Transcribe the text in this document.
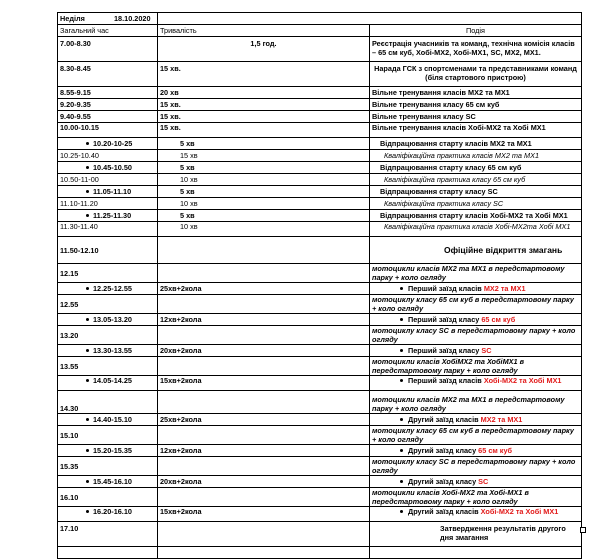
Неділя	18.10.2020	
Загальний час	Тривалість	Подія
7.00-8.30	1,5 год.	Реєстрація учасників та команд, технічна комісія класів – 65 см куб, Хобі-МХ2, Хобі-МХ1, SC, MX2, MX1.
8.30-8.45	15 хв.	Нарада ГСК з спортсменами та представниками команд
(біля стартового пристрою)

8.55-9.15	20 хв	Вільне тренування класів МХ2 та МХ1
9.20-9.35	15 хв.	Вільне тренування класу 65 см куб
9.40-9.55	15 хв.	Вільне тренування класу SC
10.00-10.15	15 хв.	Вільне тренування класів Хобі-МХ2 та Хобі МХ1
10.20-10-25	5 хв	Відпрацювання старту класів МХ2 та МХ1
10.25-10.40	15 хв	Кваліфікаційна практика класів МХ2 та МХ1
10.45-10.50	5 хв	Відпрацювання старту класу 65 см куб
10.50-11-00	10 хв	Кваліфікаційна практика класу 65 см куб
11.05-11.10	5 хв	Відпрацювання старту класу SC
11.10-11.20	10 хв	Кваліфікаційна практика класу SC
11.25-11.30	5 хв	Відпрацювання старту класів Хобі-МХ2 та Хобі МХ1
11.30-11.40	10 хв	Кваліфікаційна практика класів Хобі-МХ2та Хобі МХ1
11.50-12.10		Офіційне відкриття змагань
12.15		мотоцикли класів МХ2 та МХ1 в передстартовому парку + коло огляду
12.25-12.55	25хв+2кола	Перший заїзд класів МХ2 та МХ1
12.55		мотоциклу класу 65 см куб в передстартовому парку + коло огляду
13.05-13.20	12хв+2кола	Перший заїзд класу 65 см куб
13.20		мотоциклу класу SC в передстартовому парку + коло огляду
13.30-13.55	20хв+2кола	Перший заїзд класу SC
13.55		мотоцикли класів ХобіМХ2 та ХобіМХ1 в передстартовому парку + коло огляду
14.05-14.25	15хв+2кола	Перший заїзд класів Хобі-МХ2 та Хобі МХ1
14.30		мотоцикли класів МХ2 та МХ1 в передстартовому парку + коло огляду
14.40-15.10	25хв+2кола	Другий заїзд класів МХ2 та МХ1
15.10		мотоциклу класу 65 см куб в передстартовому парку + коло огляду
15.20-15.35	12хв+2кола	Другий заїзд класу 65 см куб
15.35		мотоциклу класу SC в передстартовому парку + коло огляду
15.45-16.10	20хв+2кола	Другий заїзд класу SC
16.10		мотоцикли класів Хобі-МХ2 та Хобі-МХ1 в передстартовому парку + коло огляду
16.20-16.10	15хв+2кола	Другий заїзд класів Хобі-МХ2 та Хобі МХ1
17.10		Затвердження результатів другого дня змагання
